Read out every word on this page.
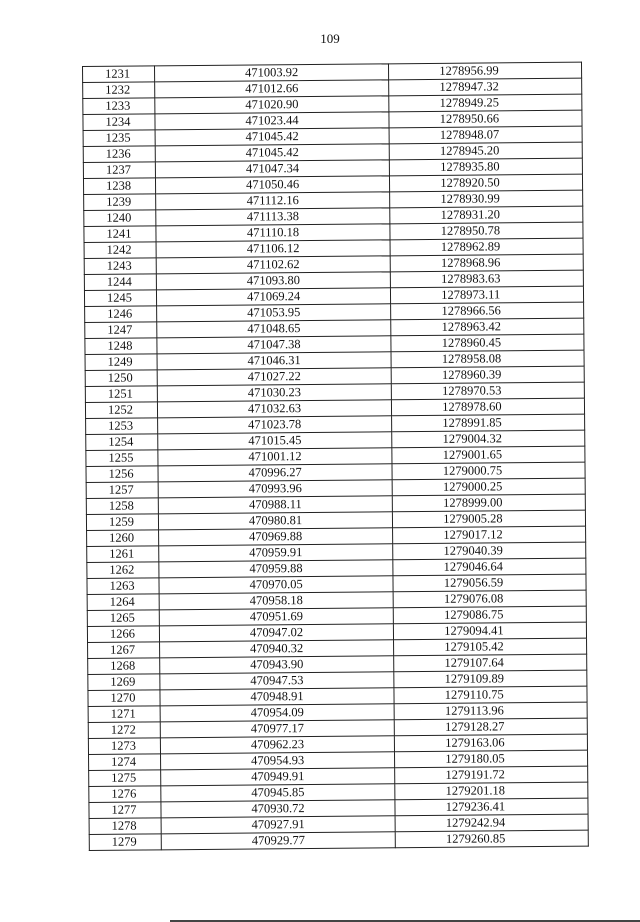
109
1231	471003.92	1278956.99
1232	471012.66	1278947.32
1233	471020.90	1278949.25
1234	471023.44	1278950.66
1235	471045.42	1278948.07
1236	471045.42	1278945.20
1237	471047.34	1278935.80
1238	471050.46	1278920.50
1239	471112.16	1278930.99
1240	471113.38	1278931.20
1241	471110.18	1278950.78
1242	471106.12	1278962.89
1243	471102.62	1278968.96
1244	471093.80	1278983.63
1245	471069.24	1278973.11
1246	471053.95	1278966.56
1247	471048.65	1278963.42
1248	471047.38	1278960.45
1249	471046.31	1278958.08
1250	471027.22	1278960.39
1251	471030.23	1278970.53
1252	471032.63	1278978.60
1253	471023.78	1278991.85
1254	471015.45	1279004.32
1255	471001.12	1279001.65
1256	470996.27	1279000.75
1257	470993.96	1279000.25
1258	470988.11	1278999.00
1259	470980.81	1279005.28
1260	470969.88	1279017.12
1261	470959.91	1279040.39
1262	470959.88	1279046.64
1263	470970.05	1279056.59
1264	470958.18	1279076.08
1265	470951.69	1279086.75
1266	470947.02	1279094.41
1267	470940.32	1279105.42
1268	470943.90	1279107.64
1269	470947.53	1279109.89
1270	470948.91	1279110.75
1271	470954.09	1279113.96
1272	470977.17	1279128.27
1273	470962.23	1279163.06
1274	470954.93	1279180.05
1275	470949.91	1279191.72
1276	470945.85	1279201.18
1277	470930.72	1279236.41
1278	470927.91	1279242.94
1279	470929.77	1279260.85
